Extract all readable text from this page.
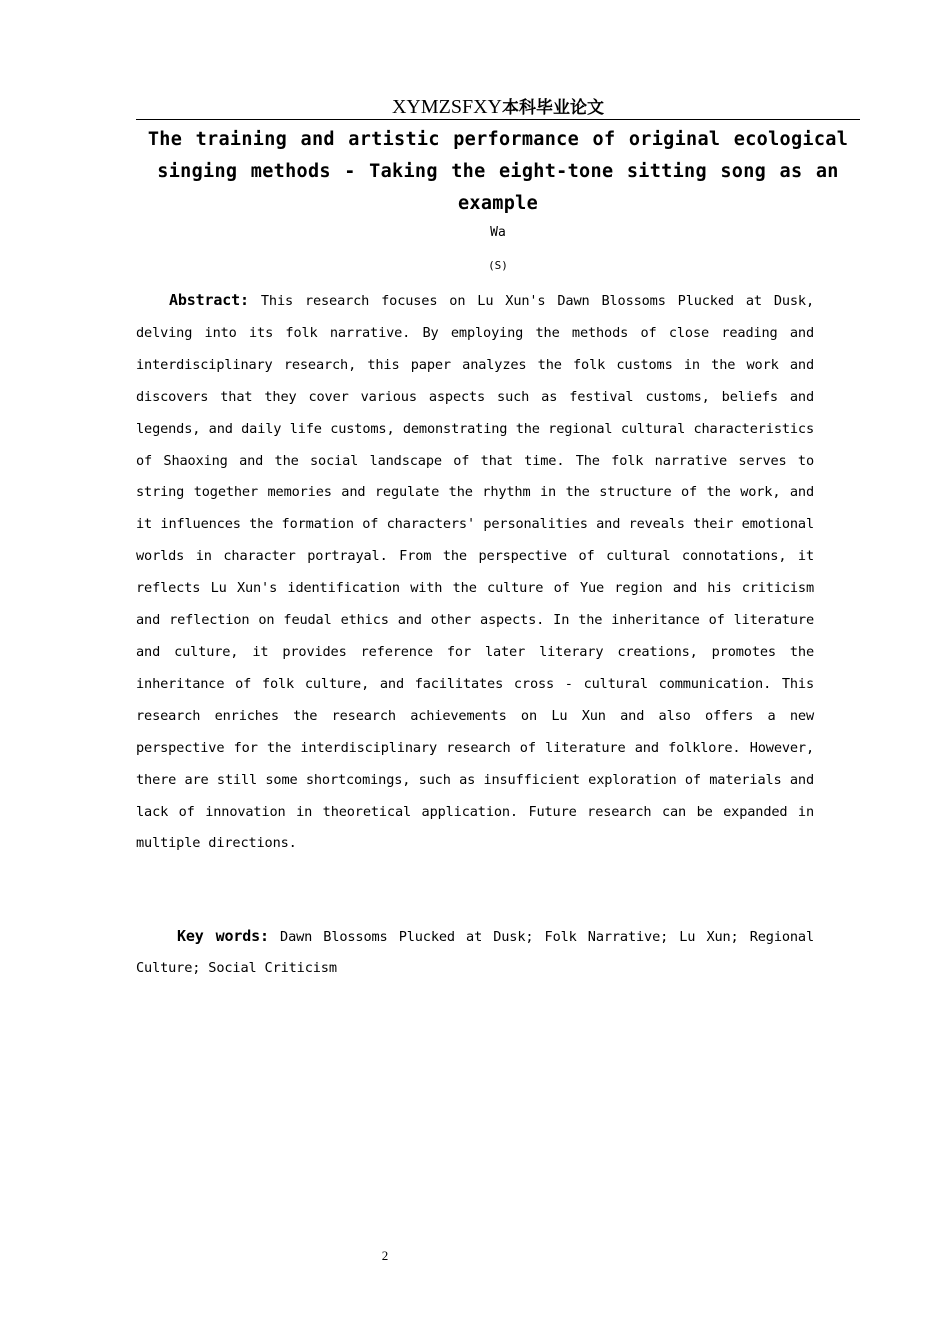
XYMZSFXY本科毕业论文
The training and artistic performance of original ecological singing methods - Taking the eight-tone sitting song as an example
Wa
(S)

Abstract: This research focuses on Lu Xun's Dawn Blossoms Plucked at Dusk, delving into its folk narrative. By employing the methods of close reading and interdisciplinary research, this paper analyzes the folk customs in the work and discovers that they cover various aspects such as festival customs, beliefs and legends, and daily life customs, demonstrating the regional cultural characteristics of Shaoxing and the social landscape of that time. The folk narrative serves to string together memories and regulate the rhythm in the structure of the work, and it influences the formation of characters' personalities and reveals their emotional worlds in character portrayal. From the perspective of cultural connotations, it reflects Lu Xun's identification with the culture of Yue region and his criticism and reflection on feudal ethics and other aspects. In the inheritance of literature and culture, it provides reference for later literary creations, promotes the inheritance of folk culture, and facilitates cross - cultural communication. This research enriches the research achievements on Lu Xun and also offers a new perspective for the interdisciplinary research of literature and folklore. However, there are still some shortcomings, such as insufficient exploration of materials and lack of innovation in theoretical application. Future research can be expanded in multiple directions.

Key words: Dawn Blossoms Plucked at Dusk; Folk Narrative; Lu Xun; Regional Culture; Social Criticism

2
